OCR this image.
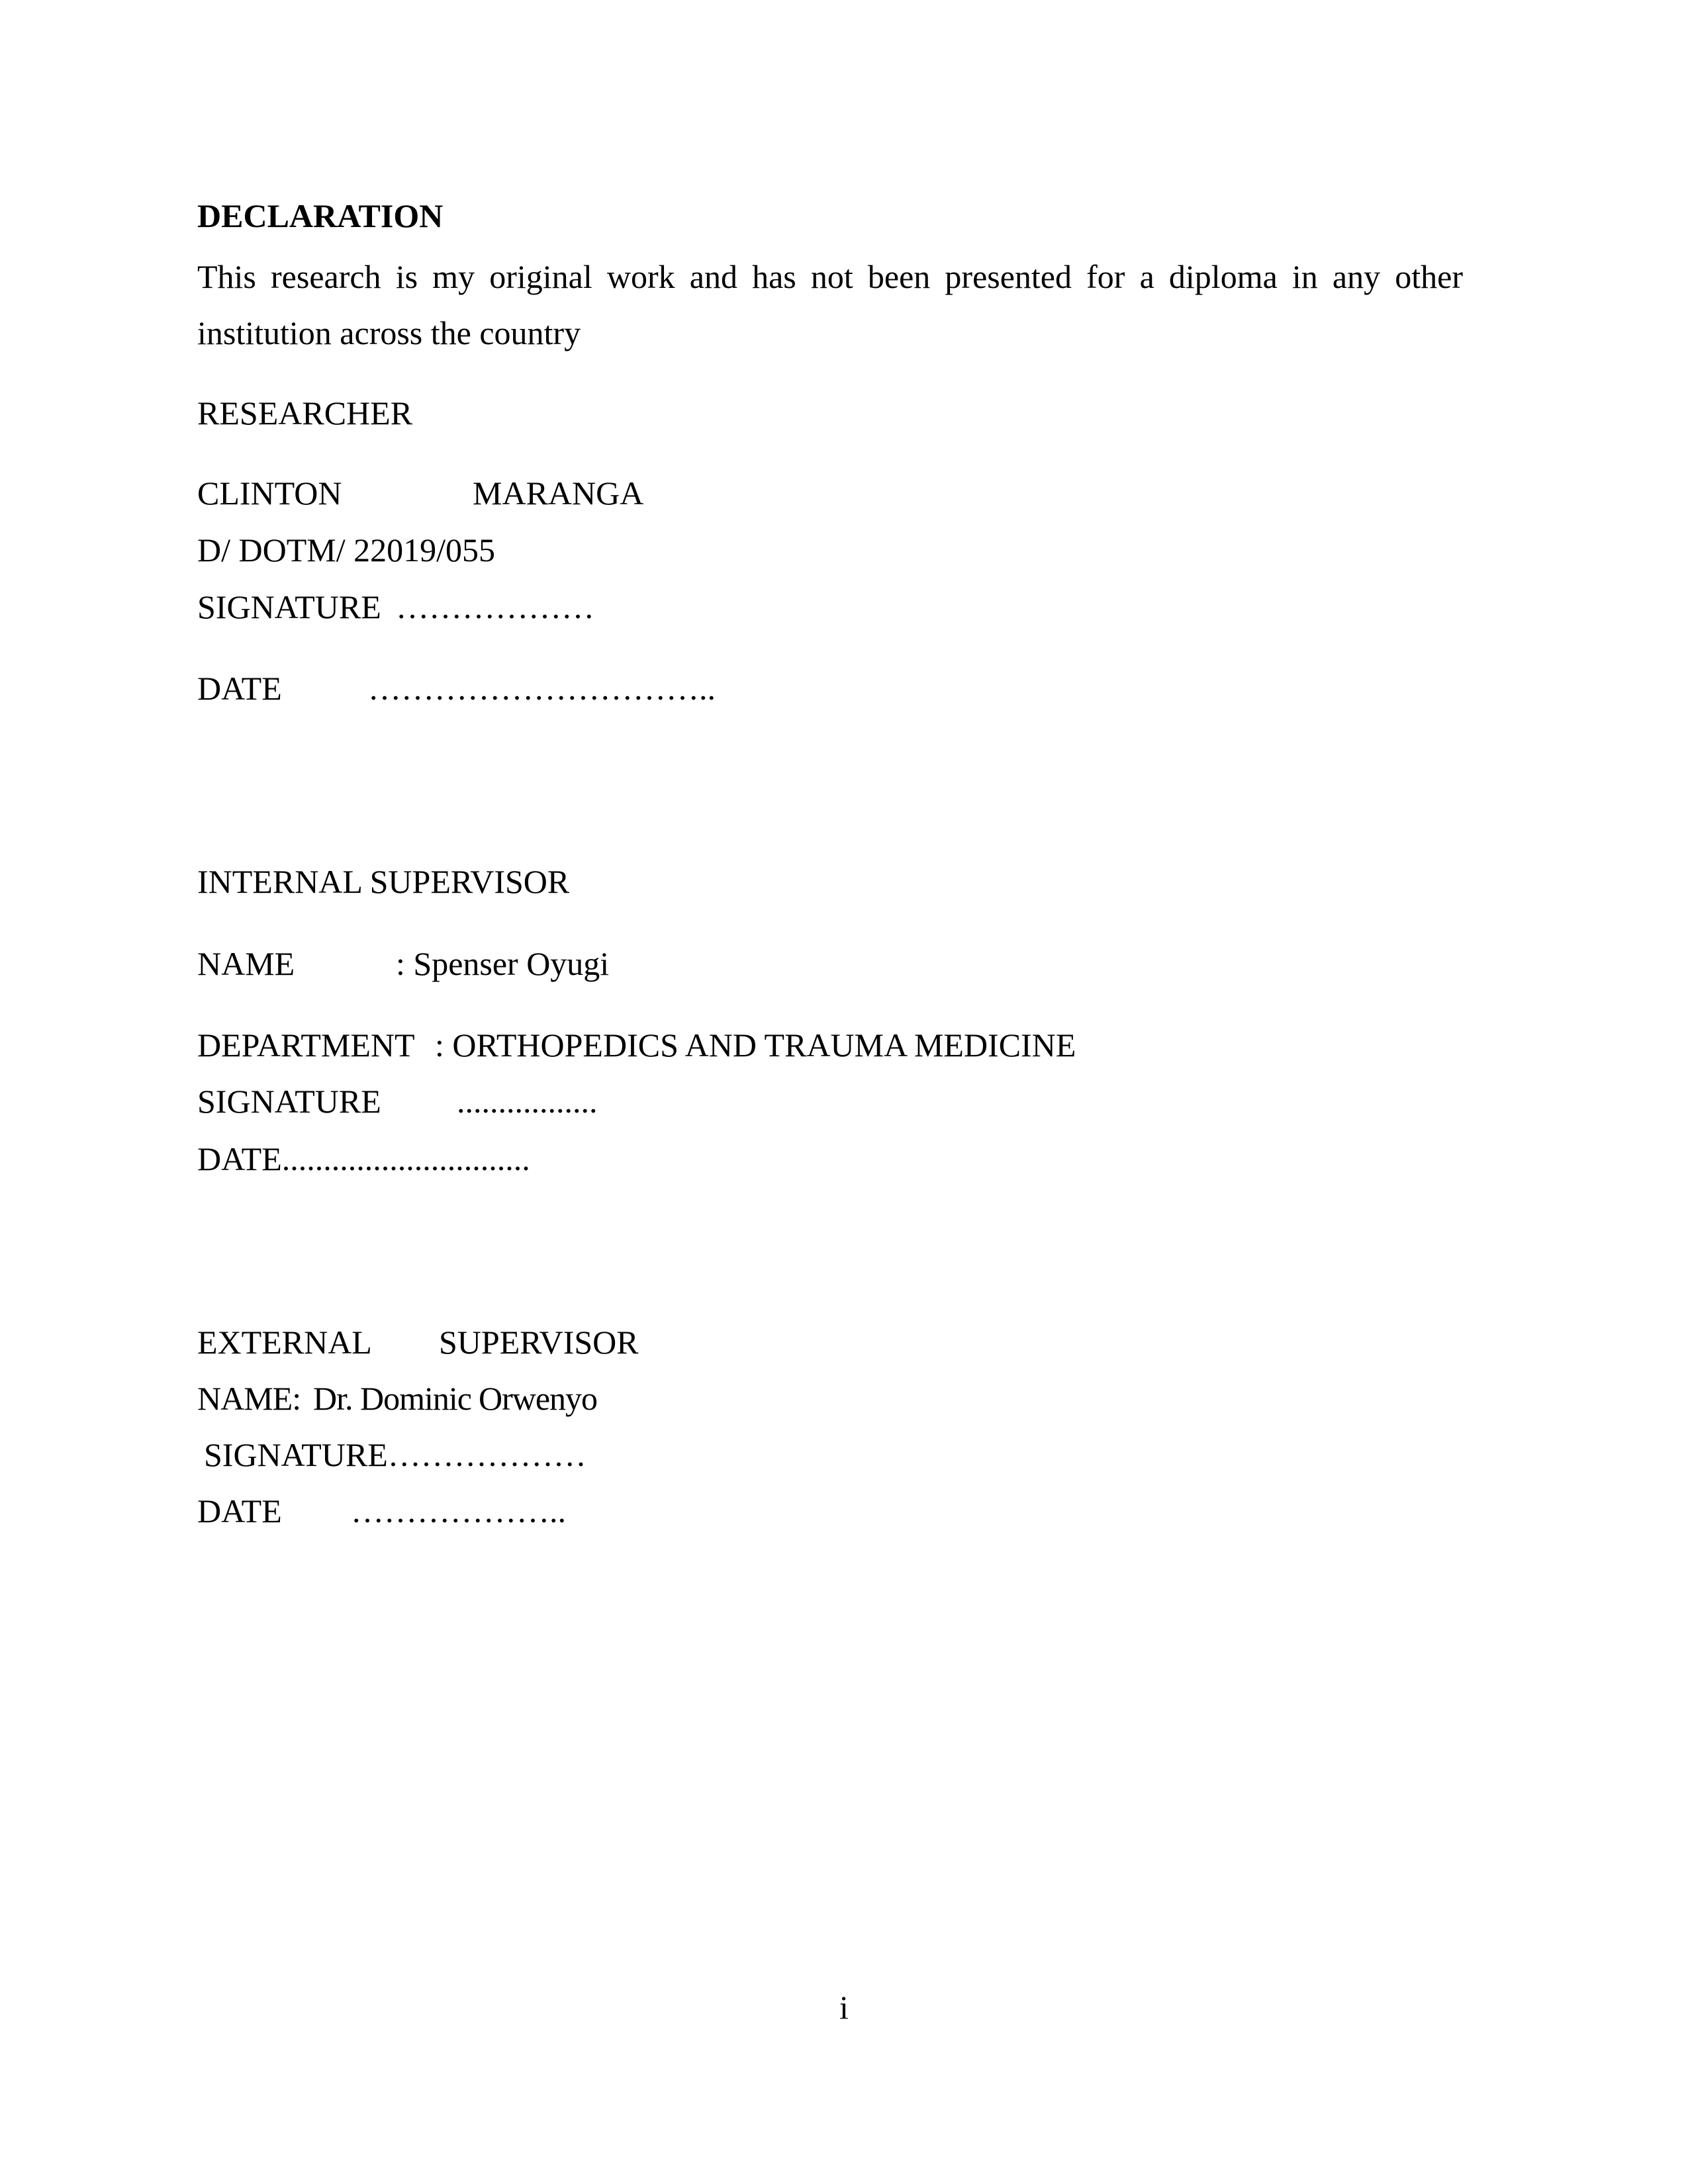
DECLARATION
This research is my original work and has not been presented for a diploma in any other
institution across the country
RESEARCHER
CLINTON	MARANGA
D/ DOTM/ 22019/055
SIGNATURE ………………
DATE	…………………………..
INTERNAL SUPERVISOR
NAME	: Spenser Oyugi
DEPARTMENT : ORTHOPEDICS AND TRAUMA MEDICINE
SIGNATURE .................
DATE..............................
EXTERNAL SUPERVISOR
NAME: Dr. Dominic Orwenyo
SIGNATURE………………
DATE ………………..
i
